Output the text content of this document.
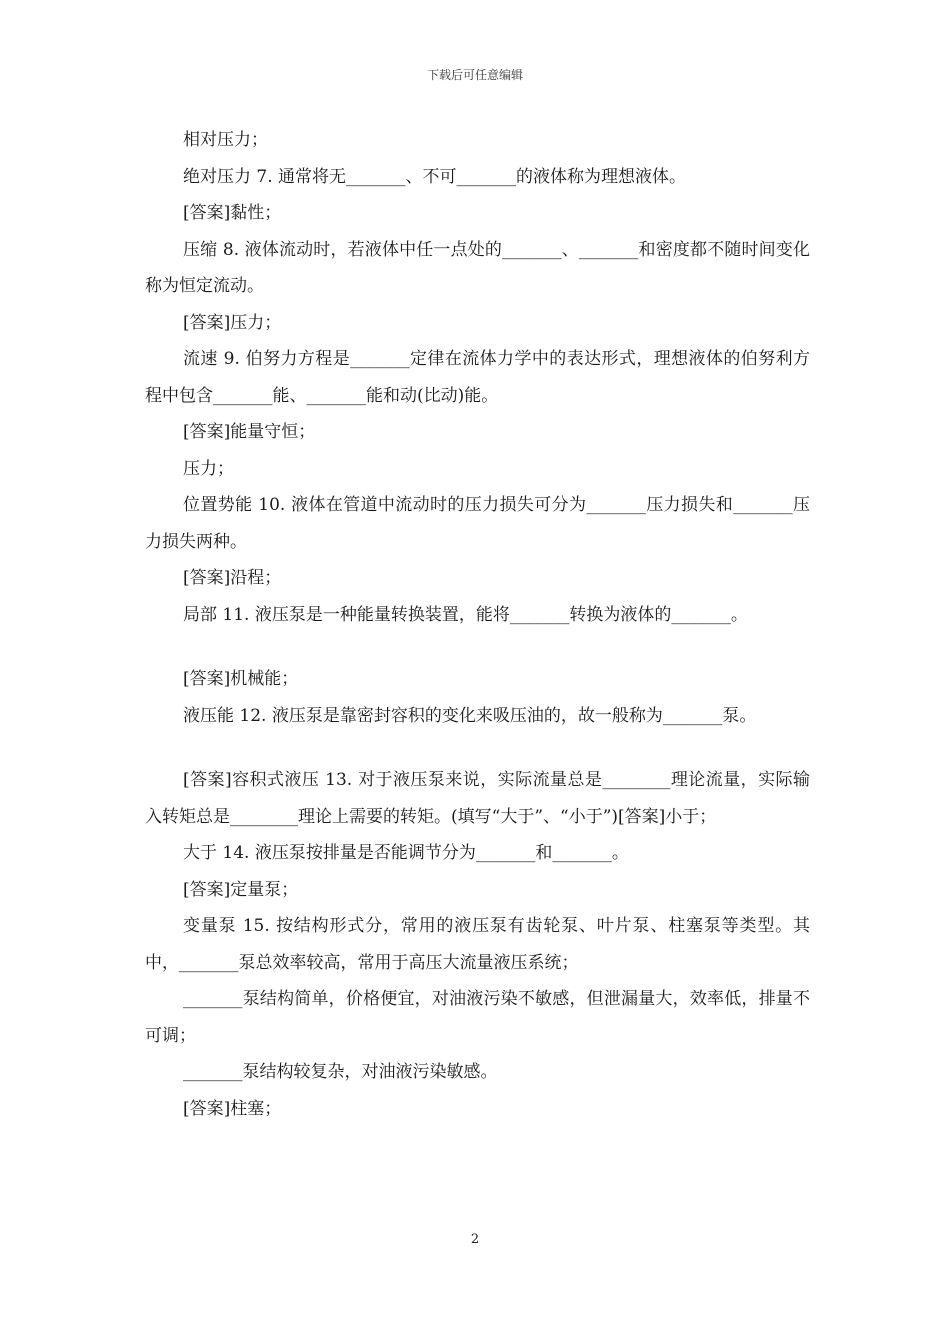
下载后可任意编辑

相对压力；

绝对压力 7. 通常将无_______、不可_______的液体称为理想液体。

[答案]黏性；

压缩 8. 液体流动时，若液体中任一点处的_______、_______和密度都不随时间变化称为恒定流动。

[答案]压力；

流速 9. 伯努力方程是_______定律在流体力学中的表达形式，理想液体的伯努利方程中包含_______能、_______能和动(比动)能。

[答案]能量守恒；

压力；

位置势能 10. 液体在管道中流动时的压力损失可分为_______压力损失和_______压力损失两种。

[答案]沿程；

局部 11. 液压泵是一种能量转换装置，能将_______转换为液体的_______。

[答案]机械能；

液压能 12. 液压泵是靠密封容积的变化来吸压油的，故一般称为_______泵。

[答案]容积式液压 13. 对于液压泵来说，实际流量总是________理论流量，实际输入转矩总是________理论上需要的转矩。(填写“大于”、“小于”)[答案]小于；

大于 14. 液压泵按排量是否能调节分为_______和_______。

[答案]定量泵；

变量泵 15. 按结构形式分，常用的液压泵有齿轮泵、叶片泵、柱塞泵等类型。其中，_______泵总效率较高，常用于高压大流量液压系统；

_______泵结构简单，价格便宜，对油液污染不敏感，但泄漏量大，效率低，排量不可调；

_______泵结构较复杂，对油液污染敏感。

[答案]柱塞；

2
